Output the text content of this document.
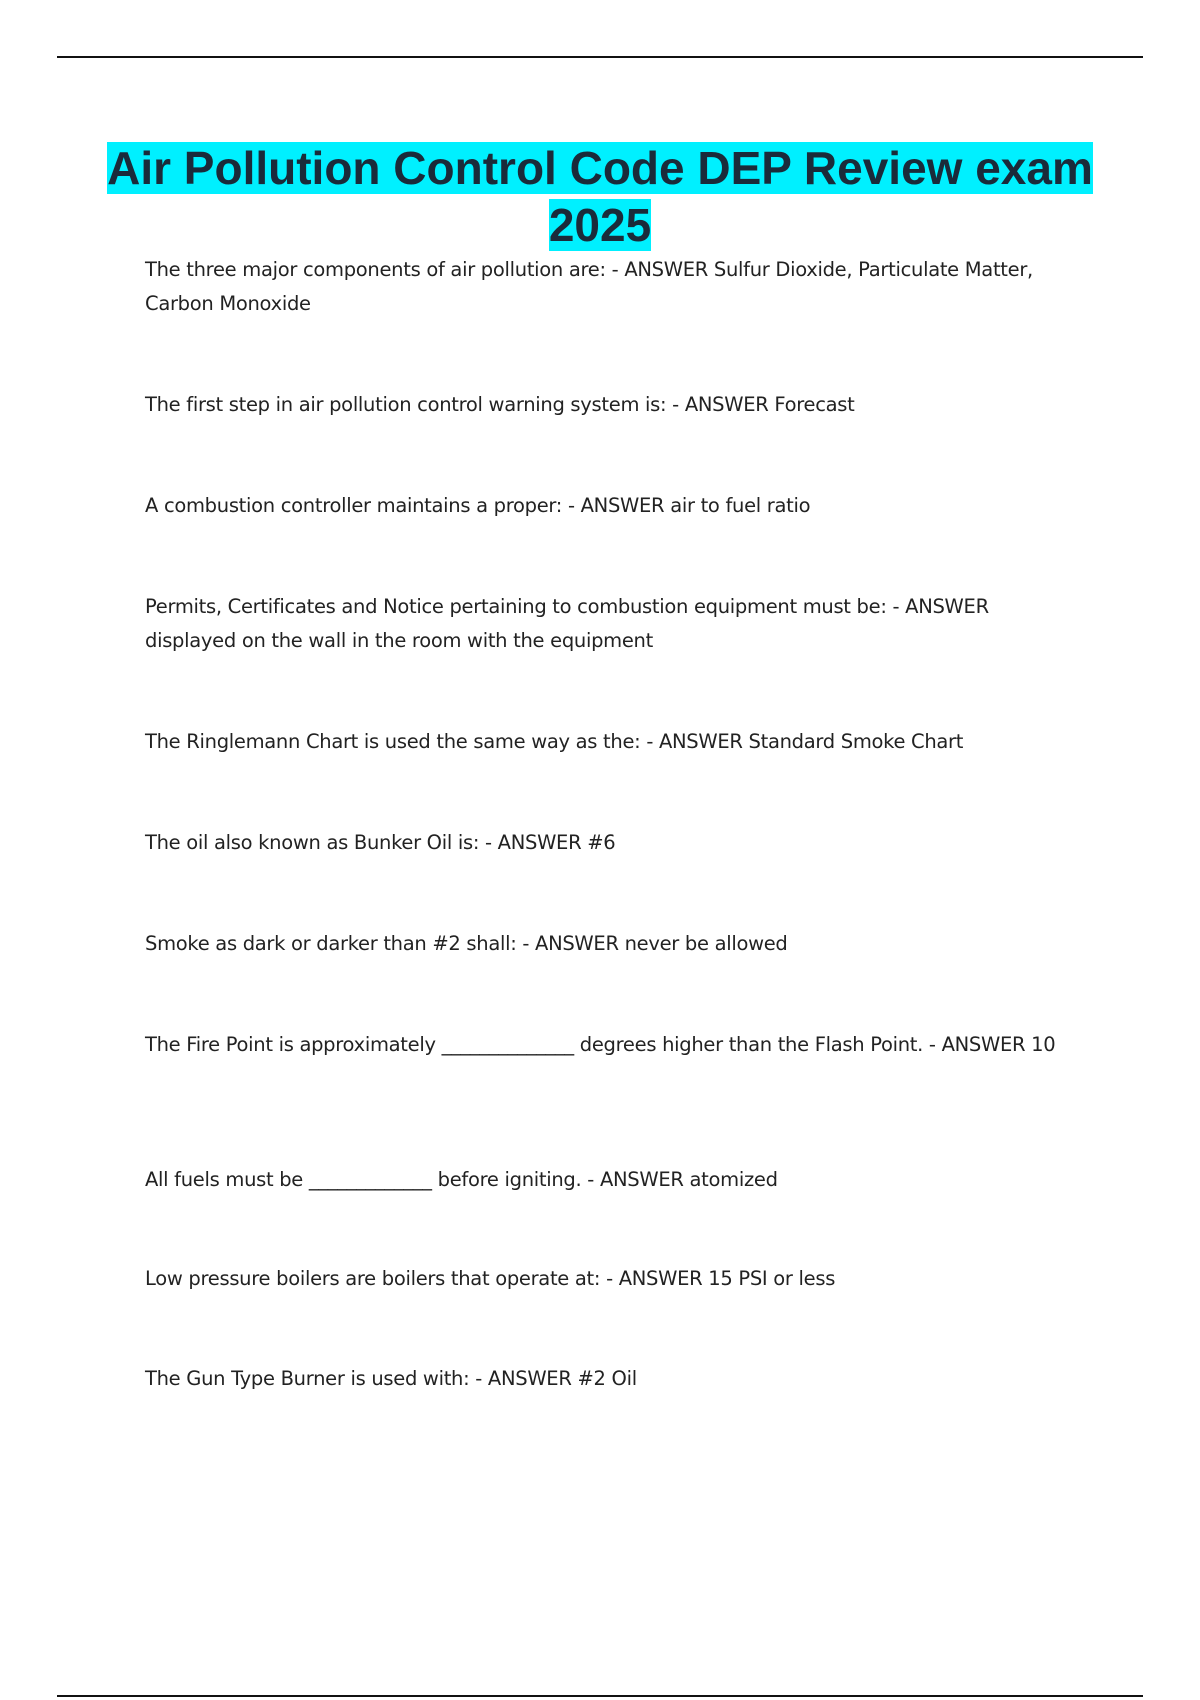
Air Pollution Control Code DEP Review exam 2025

The three major components of air pollution are: - ANSWER Sulfur Dioxide, Particulate Matter, Carbon Monoxide

The first step in air pollution control warning system is: - ANSWER Forecast

A combustion controller maintains a proper: - ANSWER air to fuel ratio

Permits, Certificates and Notice pertaining to combustion equipment must be: - ANSWER displayed on the wall in the room with the equipment

The Ringlemann Chart is used the same way as the: - ANSWER Standard Smoke Chart

The oil also known as Bunker Oil is: - ANSWER #6

Smoke as dark or darker than #2 shall: - ANSWER never be allowed

The Fire Point is approximately ______________ degrees higher than the Flash Point. - ANSWER 10

All fuels must be _____________ before igniting. - ANSWER atomized

Low pressure boilers are boilers that operate at: - ANSWER 15 PSI or less

The Gun Type Burner is used with: - ANSWER #2 Oil
